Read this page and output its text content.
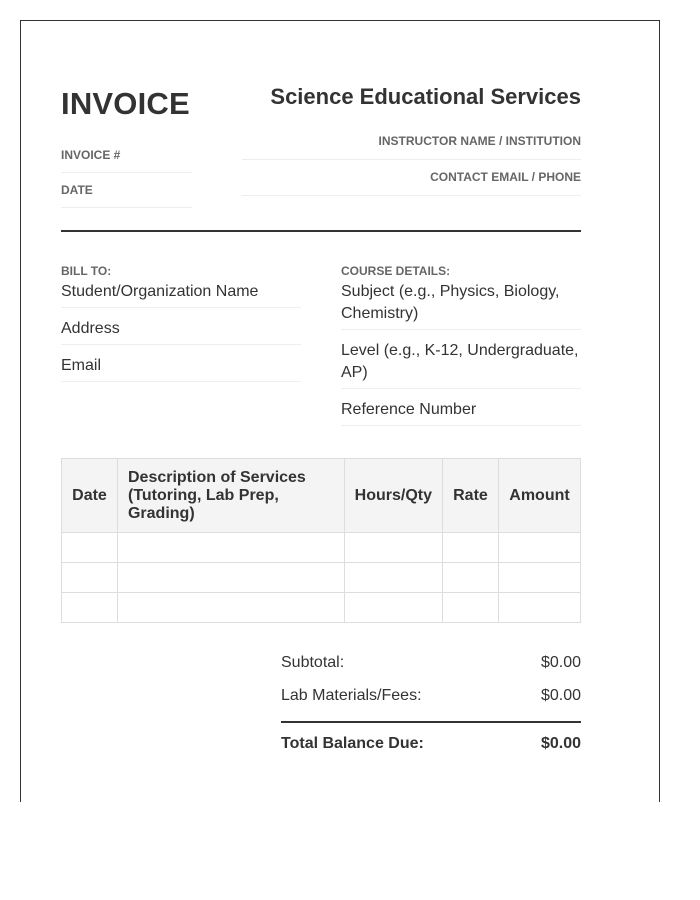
INVOICE
INVOICE #
DATE
Science Educational Services
INSTRUCTOR NAME / INSTITUTION
CONTACT EMAIL / PHONE
BILL TO:
Student/Organization Name
Address
Email
COURSE DETAILS:
Subject (e.g., Physics, Biology, Chemistry)
Level (e.g., K-12, Undergraduate, AP)
Reference Number
Date	Description of Services (Tutoring, Lab Prep, Grading)	Hours/Qty	Rate	Amount

Subtotal:	$0.00
Lab Materials/Fees:	$0.00
Total Balance Due:	$0.00
